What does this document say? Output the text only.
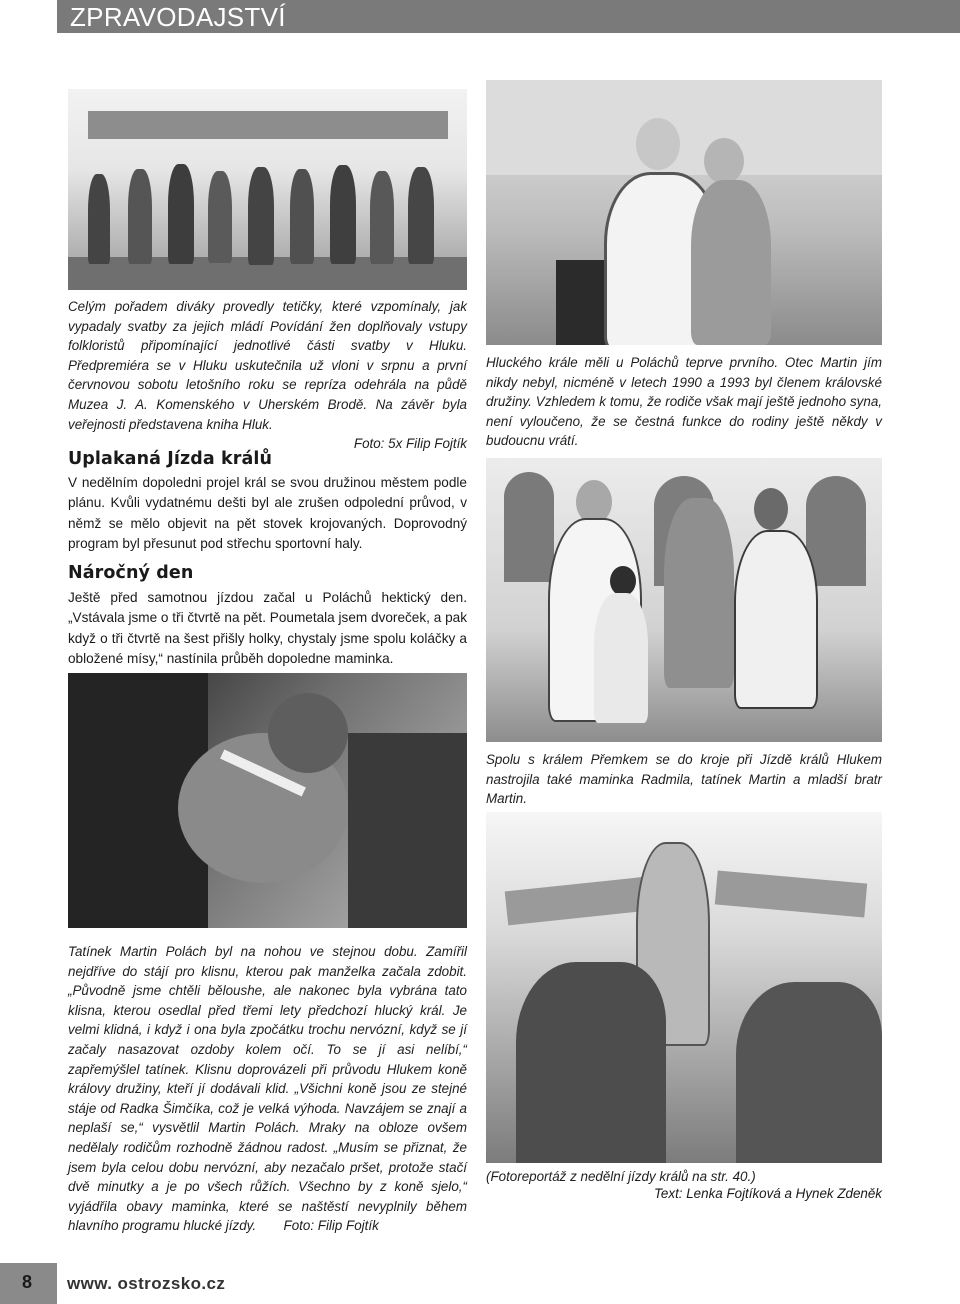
ZPRAVODAJSTVÍ
Celým pořadem diváky provedly tetičky, které vzpomínaly, jak vypadaly svatby za jejich mládí Povídání žen doplňovaly vstupy folkloristů připomínající jednotlivé části svatby v Hluku. Předpremiéra se v Hluku uskutečnila už vloni v srpnu a první červnovou sobotu letošního roku se repríza odehrála na půdě Muzea J. A. Komenského v Uherském Brodě. Na závěr byla veřejnosti představena kniha Hluk.
Foto: 5x Filip Fojtík
Uplakaná Jízda králů
V nedělním dopoledni projel král se svou družinou městem podle plánu. Kvůli vydatnému dešti byl ale zrušen odpolední průvod, v němž se mělo objevit na pět stovek krojovaných. Doprovodný program byl přesunut pod střechu sportovní haly.
Náročný den
Ještě před samotnou jízdou začal u Poláchů hektický den. „Vstávala jsme o tři čtvrtě na pět. Poumetala jsem dvoreček, a pak když o tři čtvrtě na šest přišly holky, chystaly jsme spolu koláčky a obložené mísy,“ nastínila průběh dopoledne maminka.
Hluckého krále měli u Poláchů teprve prvního. Otec Martin jím nikdy nebyl, nicméně v letech 1990 a 1993 byl členem královské družiny. Vzhledem k tomu, že rodiče však mají ještě jednoho syna, není vyloučeno, že se čestná funkce do rodiny ještě někdy v budoucnu vrátí.
Spolu s králem Přemkem se do kroje při Jízdě králů Hlukem nastrojila také maminka Radmila, tatínek Martin a mladší bratr Martin.
Tatínek Martin Polách byl na nohou ve stejnou dobu. Zamířil nejdříve do stájí pro klisnu, kterou pak manželka začala zdobit. „Původně jsme chtěli běloushe, ale nakonec byla vybrána tato klisna, kterou osedlal před třemi lety předchozí hlucký král. Je velmi klidná, i když i ona byla zpočátku trochu nervózní, když se jí začaly nasazovat ozdoby kolem očí. To se jí asi nelíbí,“ zapřemýšlel tatínek. Klisnu doprovázeli při průvodu Hlukem koně královy družiny, kteří jí dodávali klid. „Všichni koně jsou ze stejné stáje od Radka Šimčíka, což je velká výhoda. Navzájem se znají a neplaší se,“ vysvětlil Martin Polách. Mraky na obloze ovšem nedělaly rodičům rozhodně žádnou radost. „Musím se přiznat, že jsem byla celou dobu nervózní, aby nezačalo pršet, protože stačí dvě minutky a je po všech růžích. Všechno by z koně sjelo,“ vyjádřila obavy maminka, které se naštěstí nevyplnily během hlavního programu hlucké jízdy. Foto: Filip Fojtík
(Fotoreportáž z nedělní jízdy králů na str. 40.)
Text: Lenka Fojtíková a Hynek Zdeněk
8 www. ostrozsko.cz
